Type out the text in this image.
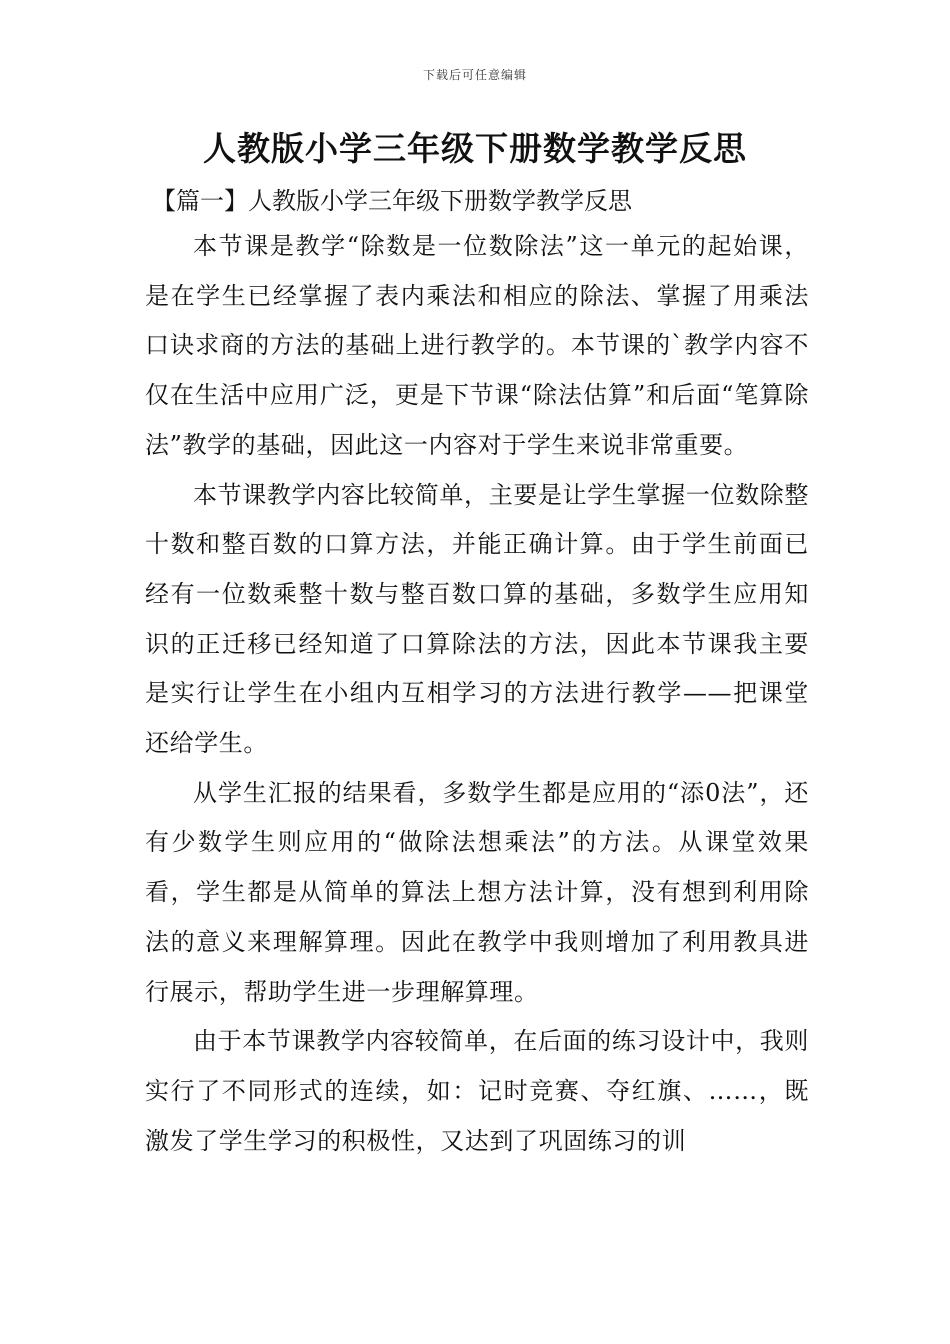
下载后可任意编辑
人教版小学三年级下册数学教学反思
【篇一】人教版小学三年级下册数学教学反思

本节课是教学“除数是一位数除法”这一单元的起始课，是在学生已经掌握了表内乘法和相应的除法、掌握了用乘法口诀求商的方法的基础上进行教学的。本节课的`教学内容不仅在生活中应用广泛，更是下节课“除法估算”和后面“笔算除法”教学的基础，因此这一内容对于学生来说非常重要。

本节课教学内容比较简单，主要是让学生掌握一位数除整十数和整百数的口算方法，并能正确计算。由于学生前面已经有一位数乘整十数与整百数口算的基础，多数学生应用知识的正迁移已经知道了口算除法的方法，因此本节课我主要是实行让学生在小组内互相学习的方法进行教学——把课堂还给学生。

从学生汇报的结果看，多数学生都是应用的“添0法”，还有少数学生则应用的“做除法想乘法”的方法。从课堂效果看，学生都是从简单的算法上想方法计算，没有想到利用除法的意义来理解算理。因此在教学中我则增加了利用教具进行展示，帮助学生进一步理解算理。

由于本节课教学内容较简单，在后面的练习设计中，我则实行了不同形式的连续，如：记时竞赛、夺红旗、……，既激发了学生学习的积极性，又达到了巩固练习的训
